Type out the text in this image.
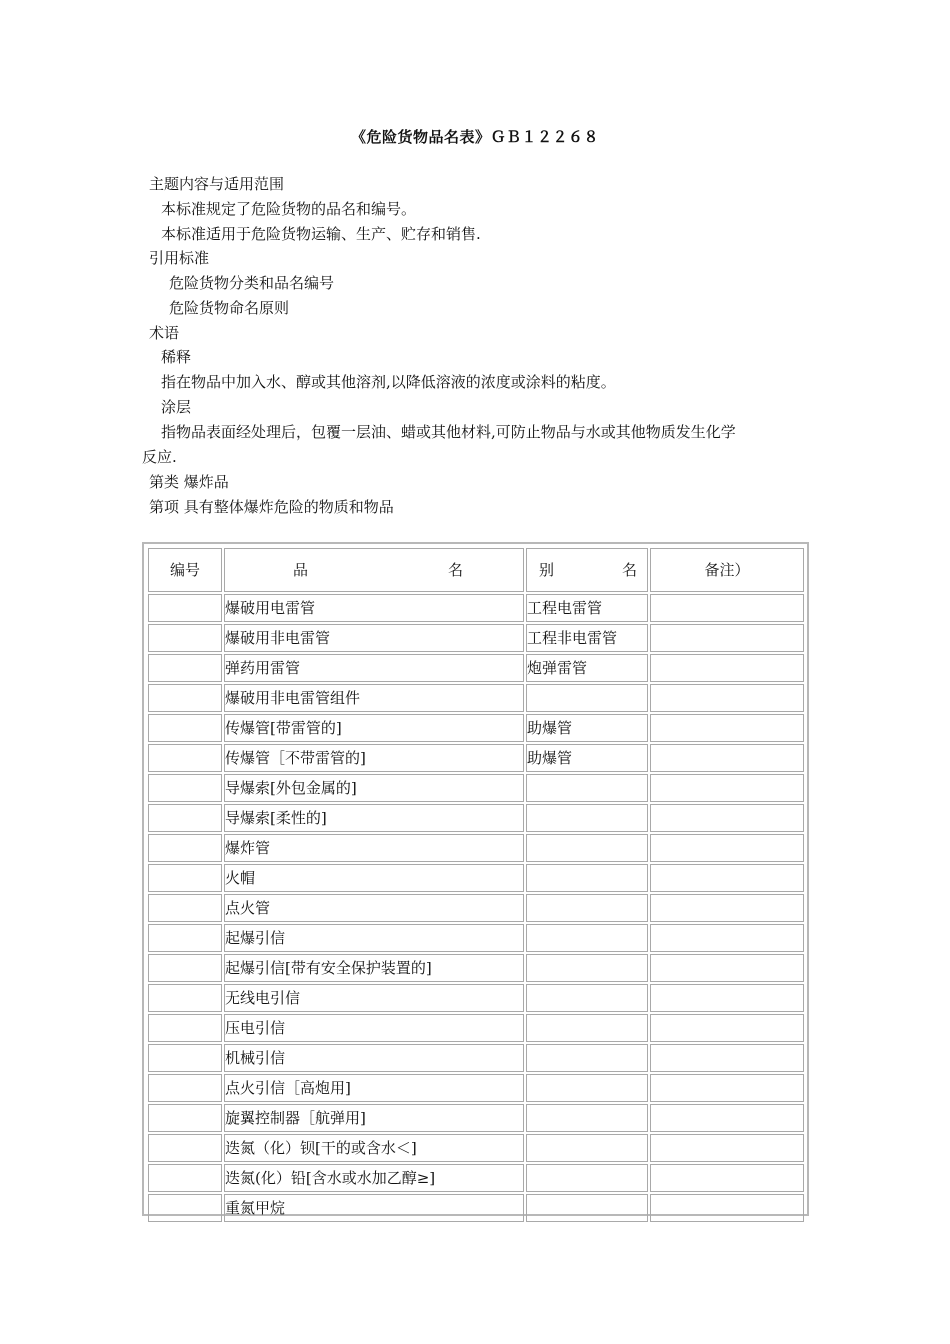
《危险货物品名表》ＧＢ１２２６８
主题内容与适用范围
本标准规定了危险货物的品名和编号。
本标准适用于危险货物运输、生产、贮存和销售.
引用标准
危险货物分类和品名编号
危险货物命名原则
术语
稀释
指在物品中加入水、醇或其他溶剂,以降低溶液的浓度或涂料的粘度。
涂层
指物品表面经处理后，包覆一层油、蜡或其他材料,可防止物品与水或其他物质发生化学
反应.
第类 爆炸品
第项 具有整体爆炸危险的物质和物品
编号	品 名	别 名	备注）

	爆破用电雷管	工程电雷管	
	爆破用非电雷管	工程非电雷管	
	弹药用雷管	炮弹雷管	
	爆破用非电雷管组件		
	传爆管[带雷管的]	助爆管	
	传爆管［不带雷管的]	助爆管	
	导爆索[外包金属的]		
	导爆索[柔性的]		
	爆炸管		
	火帽		
	点火管		
	起爆引信		
	起爆引信[带有安全保护装置的]		
	无线电引信		
	压电引信		
	机械引信		
	点火引信［高炮用]		
	旋翼控制器［航弹用]		
	迭氮（化）钡[干的或含水＜]		
	迭氮(化）铅[含水或水加乙醇≥]		
	重氮甲烷		
